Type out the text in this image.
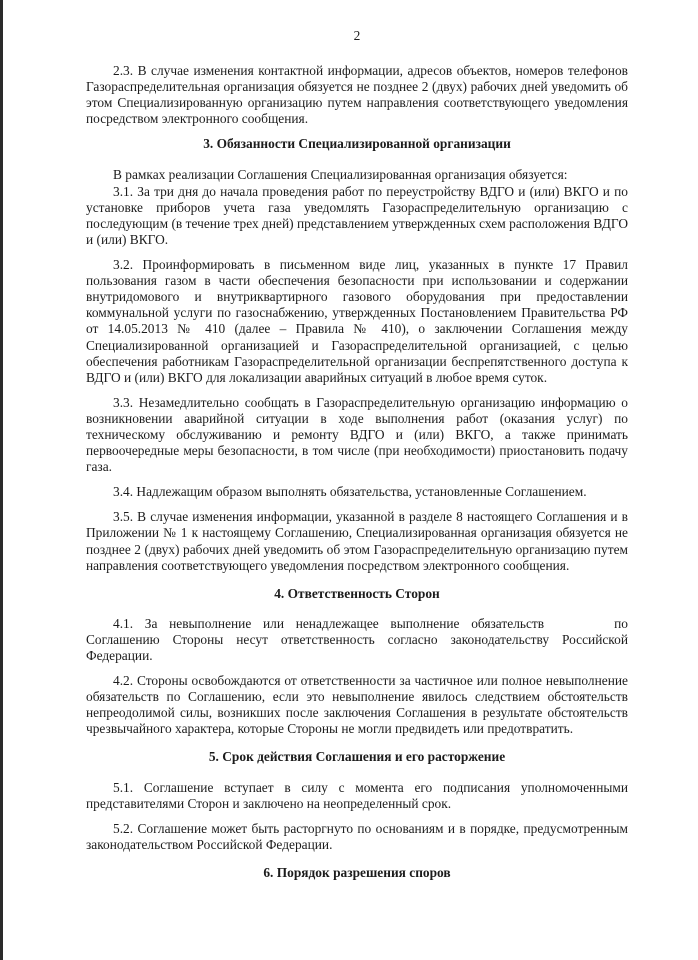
2

2.3. В случае изменения контактной информации, адресов объектов, номеров телефонов Газораспределительная организация обязуется не позднее 2 (двух) рабочих дней уведомить об этом Специализированную организацию путем направления соответствующего уведомления посредством электронного сообщения.

3. Обязанности Специализированной организации

В рамках реализации Соглашения Специализированная организация обязуется:

3.1. За три дня до начала проведения работ по переустройству ВДГО и (или) ВКГО и по установке приборов учета газа уведомлять Газораспределительную организацию с последующим (в течение трех дней) представлением утвержденных схем расположения ВДГО и (или) ВКГО.

3.2. Проинформировать в письменном виде лиц, указанных в пункте 17 Правил пользования газом в части обеспечения безопасности при использовании и содержании внутридомового и внутриквартирного газового оборудования при предоставлении коммунальной услуги по газоснабжению, утвержденных Постановлением Правительства РФ от 14.05.2013 № 410 (далее – Правила № 410), о заключении Соглашения между Специализированной организацией и Газораспределительной организацией, с целью обеспечения работникам Газораспределительной организации беспрепятственного доступа к ВДГО и (или) ВКГО для локализации аварийных ситуаций в любое время суток.

3.3. Незамедлительно сообщать в Газораспределительную организацию информацию о возникновении аварийной ситуации в ходе выполнения работ (оказания услуг) по техническому обслуживанию и ремонту ВДГО и (или) ВКГО, а также принимать первоочередные меры безопасности, в том числе (при необходимости) приостановить подачу газа.

3.4. Надлежащим образом выполнять обязательства, установленные Соглашением.

3.5. В случае изменения информации, указанной в разделе 8 настоящего Соглашения и в Приложении № 1 к настоящему Соглашению, Специализированная организация обязуется не позднее 2 (двух) рабочих дней уведомить об этом Газораспределительную организацию путем направления соответствующего уведомления посредством электронного сообщения.

4. Ответственность Сторон

4.1. За невыполнение или ненадлежащее выполнение обязательств	по Соглашению Стороны несут ответственность согласно законодательству Российской Федерации.

4.2. Стороны освобождаются от ответственности за частичное или полное невыполнение обязательств по Соглашению, если это невыполнение явилось следствием обстоятельств непреодолимой силы, возникших после заключения Соглашения в результате обстоятельств чрезвычайного характера, которые Стороны не могли предвидеть или предотвратить.

5. Срок действия Соглашения и его расторжение

5.1. Соглашение вступает в силу с момента его подписания уполномоченными представителями Сторон и заключено на неопределенный срок.

5.2. Соглашение может быть расторгнуто по основаниям и в порядке, предусмотренным законодательством Российской Федерации.

6. Порядок разрешения споров
